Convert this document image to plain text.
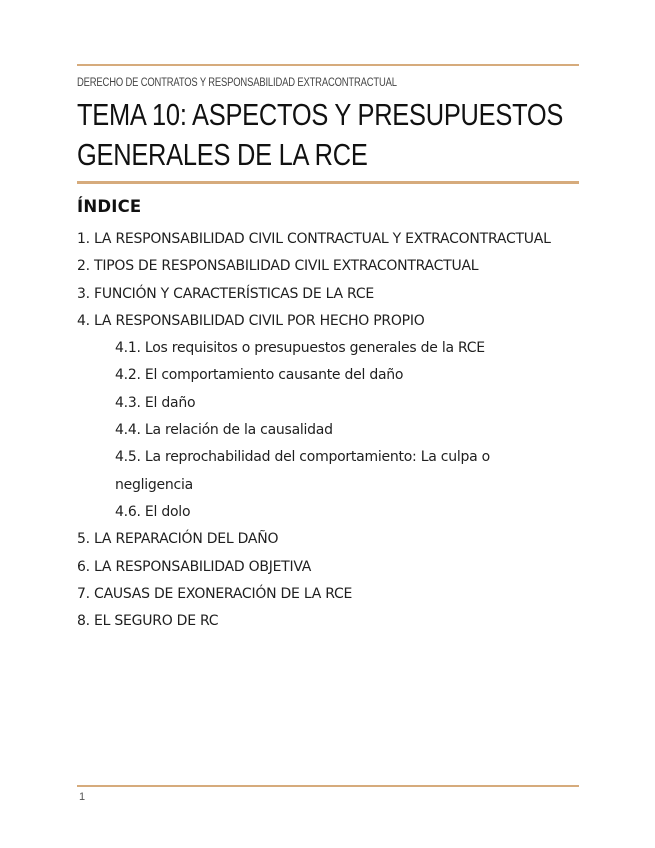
DERECHO DE CONTRATOS Y RESPONSABILIDAD EXTRACONTRACTUAL
TEMA 10: ASPECTOS Y PRESUPUESTOS
GENERALES DE LA RCE
ÍNDICE
1. LA RESPONSABILIDAD CIVIL CONTRACTUAL Y EXTRACONTRACTUAL
2. TIPOS DE RESPONSABILIDAD CIVIL EXTRACONTRACTUAL
3. FUNCIÓN Y CARACTERÍSTICAS DE LA RCE
4. LA RESPONSABILIDAD CIVIL POR HECHO PROPIO
4.1. Los requisitos o presupuestos generales de la RCE
4.2. El comportamiento causante del daño
4.3. El daño
4.4. La relación de la causalidad
4.5. La reprochabilidad del comportamiento: La culpa o negligencia
4.6. El dolo
5. LA REPARACIÓN DEL DAÑO
6. LA RESPONSABILIDAD OBJETIVA
7. CAUSAS DE EXONERACIÓN DE LA RCE
8. EL SEGURO DE RC
1
